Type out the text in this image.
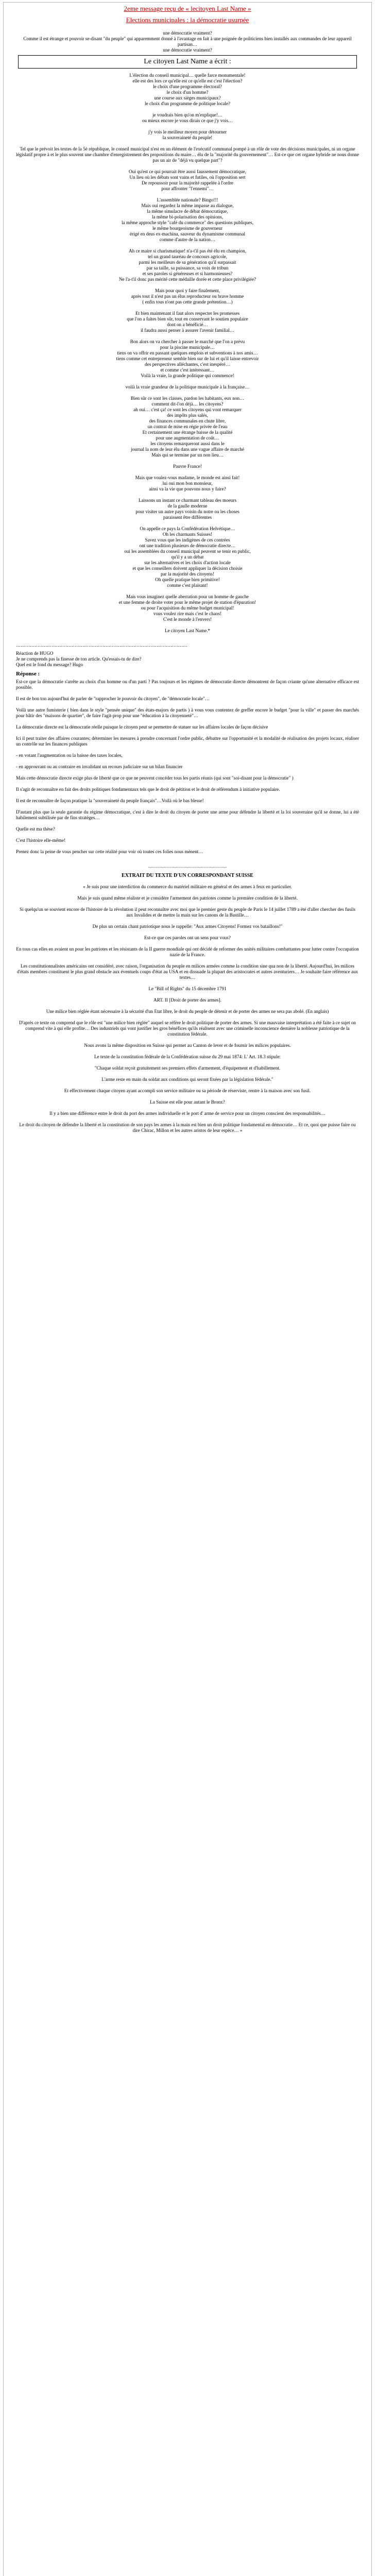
2eme message reçu de « lecitoyen Last Name »
Elections municipales : la démocratie usurpée

une démocratie vraiment?

Comme il est étrange et pouvoir se-disant "du peuple" qui apparemment donné à l'avantage en fait à une poignée de politiciens bien installés aux commandes de leur appareil partisan…

une démocratie vraiment?

Le citoyen Last Name a écrit :

L'élection du conseil municipal… quelle farce monumentale!

elle est des lors ce qu'elle est ce qu'elle est c'est l'élection?

le choix d'une programme électoral?

le choix d'un homme?

une course aux sièges municipaux?

le choix d'un programme de politique locale?

je voudrais bien qu'on m'explique!…

ou mieux encore je vous dirais ce que j'y vois…

j'y vois le meilleur moyen pour détourner

la souveraineté du peuple!

Tel que le prévoit les textes de la 5è république, le conseil municipal n'est en un élément de l'exécutif communal pompé à un rôle de vote des décisions municipales, ni un organe législatif propre à et le plus souvent une chambre d'enregistrement des propositions du maire… élu de la "majorité du gouvernement"… Est-ce que cet organe hybride ne nous donne pas un air de "déjà vu quelque part"?

Oui qu'est ce qui pourrait être aussi faussement démocratique,

Un lieu où les débats sont vains et futiles, où l'opposition sert

De repoussoir pour la majorité rappelée à l'ordre

pour affronter "l'ennemi"…

L'assemblée nationale? Bingo!!!

Mais oui regardez la même impasse au dialogue,

la même simulacre de débat démocratique,

la même bi-polarisation des opinions,

la même approche style "café du commerce" des questions publiques,

le même bourgeoisme de gouverneur

érigé en deus ex-machina, sauveur du dynamisme communal

comme d'autre de la nation…

Ah ce maire si charismatique! n'a-t'il pas été élu en champion,

tel un grand tauréau de concours agricole,

parmi les meilleurs de sa génération qu'il surpassait

par sa taille, sa puissance, sa voix de tribun

et ses paroles si généreuses et si harmonieuses?

Ne l'a-t'il donc pas mérité cette médaille dorée et cette place privilégiée?

Mais pour quoi y faire finalement,

après tout il n'est pas un élus reproducteur ou brave homme

( enfin tous n'ont pas cette grande prétention…)

Et bien maintenant il faut alors respecter les promesses

que l'on a faites bien sûr, tout en conservant le soutien populaire

dont on a bénéficié…

il faudra aussi penser à assurer l'avenir familial…

Bon alors on va chercher à passer le marché que l'on a prévu

pour la piscine municipale…

tiens on va offrir en passant quelques emplois et subventions à nos amis…

tiens comme cet entrepreneur semble bien sur de lui et qu'il laisse entrevoir

des perspectives alléchantes, c'est inespéré…

et comme c'est intéressant…

Voilà la vraie, la grande politique qui commence!

voilà la vraie grandeur de la politique municipale à la française…

Bien sûr ce sont les classes, pardon les habitants, eux non…

comment dit-l'on déjà… les citoyens?

ah oui… c'est ça! ce sont les citoyens qui vont remarquer

des impôts plus salés,

des finances communales en chute libre,

un contrat de mise en régie privée de l'eau

Et certainement une étrange baisse de la qualité

pour une augmentation de coût…

les citoyens remarqueront aussi dans le

journal la nom de leur élu dans une vague affaire de marché

Mais qui se termine par un non lieu…

Pauvre France!

Mais que voulez-vous madame, le monde est ainsi fait!

lui oui mon bon monsieur,

ainsi va la vie que pouvons nous y faire?

Laissons un instant ce charmant tableau des moeurs

de la gaulle moderne

pour visiter un autre pays voisin du notre ou les choses

paraissent être différentes

On appelle ce pays la Confédération Helvétique…

Oh les charmants Suisses!

Savez vous que les indigènes de ces contrées

ont une tradition plusieurs de démocratie directe…

oui les assemblées du conseil municipal peuvent se tenir en public,

qu'il y a un débat

sur les alternatives et les choix d'action locale

et que les conseillers doivent appliquer la décision choisie

par la majorité des citoyens!

Oh quelle pratique bien primitive!

comme c'est plaisant!

Mais vous imaginez quelle aberration pour un homme de gauche

et une femme de droite voter pour le même projet de station d'épuration!

ou pour l'acquisition du même budget municipal!

vous voulez rire mais c'est le chaos!

C'est le monde à l'envers!

Le citoyen Last Name.*

…………………………………………………………………………………………………

Réaction de HUGO

Je ne comprends pas la finesse de ton article. Qu'essais-tu de dire?

Quel est le fond du message? Hugo

Réponse :

Est-ce que la démocratie s'arrête au choix d'un homme ou d'un parti ? Pas toujours et les régimes de démocratie directe démontrent de façon criante qu'une alternative efficace est possible.

Il est de bon ton aujourd'hui de parler de "rapprocher le pouvoir du citoyen", de "démocratie locale"…

Voilà une autre fumisterie ( bien dans le style "pensée unique" des états-majors de partis ) à vous vous contentez de greffer encore le budget "pour la ville" et passer des marchés pour bâtir des "maisons de quartier", de faire l'agit-prop pour une "éducation à la citoyenneté"…

La démocratie directe est la démocratie réelle puisque le citoyen peut se permettre de statuer sur les affaires locales de façon décisive

Ici il peut traiter des affaires courantes; déterminer les mesures à prendre concernant l'ordre public, débattre sur l'opportunité et la modalité de réalisation des projets locaux, réaliser un contrôle sur les finances publiques

- en votant l'augmentation ou la baisse des taxes locales,

- en approuvant ou au contraire en invalidant un recours judiciaire sur un bilan financier

Mais cette démocratie directe exige plus de liberté que ce que ne peuvent concéder tous les partis réunis (qui sont "soi-disant pour la démocratie" )

Il s'agit de reconnaître en fait des droits politiques fondamentaux tels que le droit de pétition et le droit de référendum à initiative populaire.

Il est de reconnaître de façon pratique la "souveraineté du peuple français"…Voilà où le bas blesse!

D'autant plus que la seule garantie du régime démocratique, c'est à dire le droit du citoyen de porter une arme pour défendre la liberté et la loi souveraine qu'il se donne, lui a été habilement subtilisée par de fins stratèges…

Quelle est ma thèse?

C'est l'histoire elle-même!

Prenez donc la peine de vous pencher sur cette réalité pour voir où toutes ces folies nous mènent…

……………………………………………
EXTRAIT DU TEXTE D'UN CORRESPONDANT SUISSE

« Je suis pour une interdiction du commerce du matériel militaire en général et des armes à feux en particulier.

Mais je suis quand même réaliste et je considère l'armement des patriotes comme la première condition de la liberté.

Si quelqu'un se souvient encore de l'histoire de la révolution il peut reconnaître avec moi que le premier geste du peuple de Paris le 14 juillet 1789 a été d'aller chercher des fusils aux Invalides et de mettre la main sur les canons de la Bastille…

De plus un certain chant patriotique nous le rappelle: "Aux armes Citoyens! Formez vos bataillons!"

Est-ce que ces paroles ont un sens pour vous?

En tous cas elles en avaient un pour les patriotes et les résistants de la II guerre mondiale qui ont décidé de reformer des unités militaires combattantes pour lutter contre l'occupation nazie de la France.

Les constitutionnalistes américains ont considéré, avec raison, l'organisation du peuple en milices armées comme la condition sine qua non de la liberté. Aujourd'hui, les milices d'états membres constituent le plus grand obstacle aux éventuels coups d'état au USA et en dissuade la plupart des aristocrates et autres aventuriers… Je souhaite faire référence aux textes…

Le "Bill of Rights" du 15 décembre 1791

ART. II [Droit de porter des armes].

Une milice bien réglée étant nécessaire à la sécurité d'un Etat libre, le droit du peuple de détenir et de porter des armes ne sera pas abolé. (En anglais)

D'après ce texte on comprend que le rôle est "une milice bien réglée" auquel se réfère le droit politique de porter des armes. Si une mauvaise interprétation a été faite à ce sujet on comprend vite à qui elle profite… Des industriels qui vont justifier les gros bénéfices qu'ils réalisent avec une criminelle inconscience dernière la noblesse patriotique de la constitution fédérale.

Nous avons la même disposition en Suisse qui permet au Canton de lever et de fournir les milices populaires.

Le texte de la constitution fédérale de la Confédération suisse du 29 mai 1874: L' Art. 18.3 stipule:

"Chaque soldat reçoit gratuitement ses premiers effets d'armement, d'équipement et d'habillement.

L'arme reste en main du soldat aux conditions qui seront fixées par la législation fédérale."

Et effectivement chaque citoyen ayant accompli son service militaire ou sa période de réserviste, rentre à la maison avec son fusil.

La Suisse est elle pour autant le Bronx?

Il y a bien une différence entre le droit du port des armes individuelle et le port d' arme de service pour un citoyen conscient des responsabilités…

Le droit du citoyen de défendre la liberté et la constitution de son pays les armes à la main est bien un droit politique fondamental en démocratie… Et ce, quoi que puisse faire ou dire Chirac, Millon et les autres aristos de leur espèce… »
